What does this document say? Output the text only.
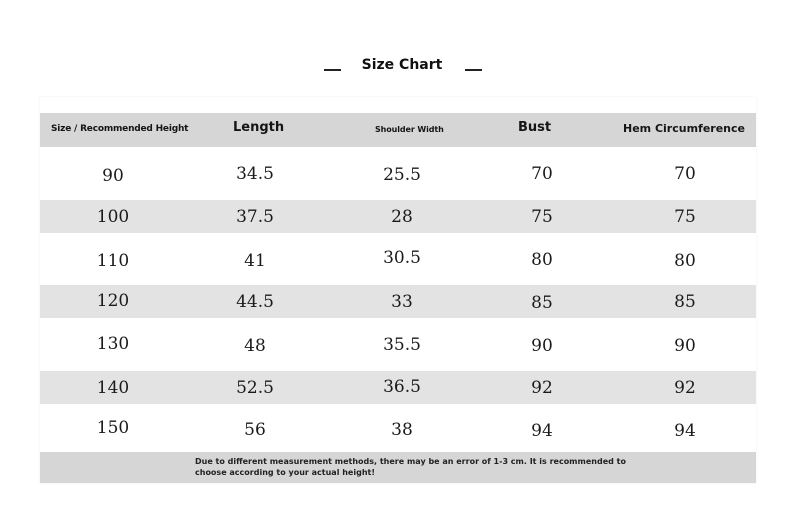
Size Chart
Size / Recommended Height	Length	Shoulder Width	Bust	Hem Circumference
90	34.5	25.5	70	70
100	37.5	28	75	75
110	41	30.5	80	80
120	44.5	33	85	85
130	48	35.5	90	90
140	52.5	36.5	92	92
150	56	38	94	94
Due to different measurement methods, there may be an error of 1-3 cm. It is recommended to choose according to your actual height!
